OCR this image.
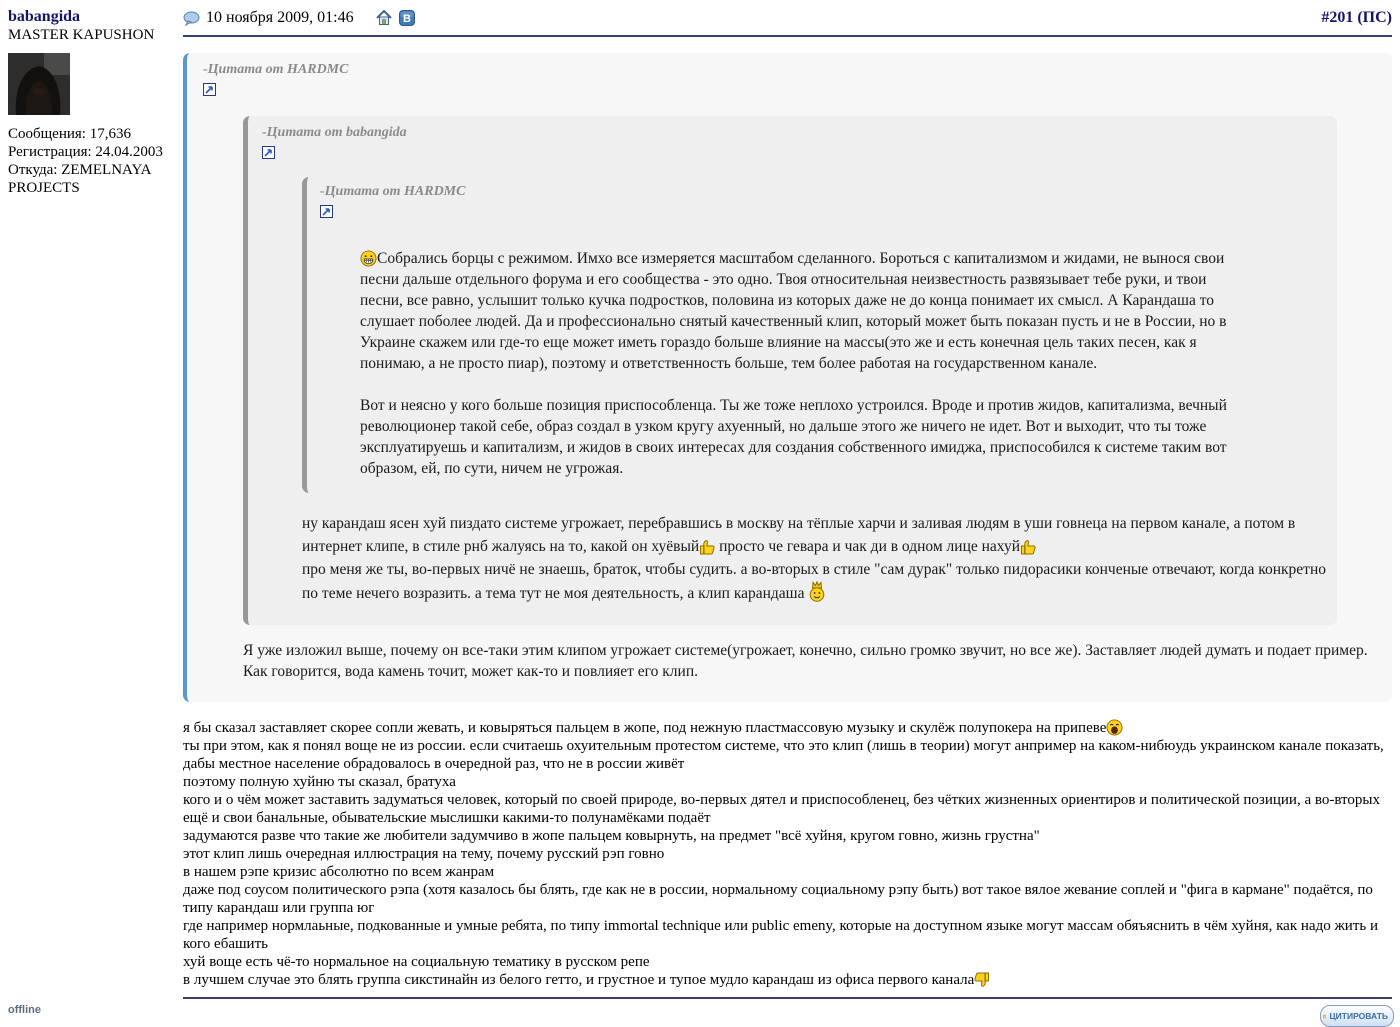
babangida
MASTER KAPUSHON
Сообщения: 17,636
Регистрация: 24.04.2003
Откуда: ZEMELNAYA PROJECTS
offline
10 ноября 2009, 01:46	B	#201 (ПС)
-Цитата от HARDMC
-Цитата от babangida
-Цитата от HARDMC

Собрались борцы с режимом. Имхо все измеряется масштабом сделанного. Бороться с капитализмом и жидами, не вынося свои песни дальше отдельного форума и его сообщества - это одно. Твоя относительная неизвестность развязывает тебе руки, и твои песни, все равно, услышит только кучка подростков, половина из которых даже не до конца понимает их смысл. А Карандаша то слушает поболее людей. Да и профессионально снятый качественный клип, который может быть показан пусть и не в России, но в Украине скажем или где-то еще может иметь гораздо больше влияние на массы(это же и есть конечная цель таких песен, как я понимаю, а не просто пиар), поэтому и ответственность больше, тем более работая на государственном канале.

Вот и неясно у кого больше позиция приспособленца. Ты же тоже неплохо устроился. Вроде и против жидов, капитализма, вечный революционер такой себе, образ создал в узком кругу ахуенный, но дальше этого же ничего не идет. Вот и выходит, что ты тоже эксплуатируешь и капитализм, и жидов в своих интересах для создания собственного имиджа, приспособился к системе таким вот образом, ей, по сути, ничем не угрожая.

ну карандаш ясен хуй пиздато системе угрожает, перебравшись в москву на тёплые харчи и заливая людям в уши говнеца на первом канале, а потом в интернет клипе, в стиле рнб жалуясь на то, какой он хуёвый просто че гевара и чак ди в одном лице нахуй
про меня же ты, во-первых ничё не знаешь, браток, чтобы судить. а во-вторых в стиле "сам дурак" только пидорасики конченые отвечают, когда конкретно по теме нечего возразить. а тема тут не моя деятельность, а клип карандаша

Я уже изложил выше, почему он все-таки этим клипом угрожает системе(угрожает, конечно, сильно громко звучит, но все же). Заставляет людей думать и подает пример. Как говорится, вода камень точит, может как-то и повлияет его клип.

я бы сказал заставляет скорее сопли жевать, и ковыряться пальцем в жопе, под нежную пластмассовую музыку и скулёж полупокера на припеве

ты при этом, как я понял воще не из россии. если считаешь охуительным протестом системе, что это клип (лишь в теории) могут анпример на каком-нибюудь украинском канале показать, дабы местное население обрадовалось в очередной раз, что не в россии живёт

поэтому полную хуйню ты сказал, братуха

кого и о чём может заставить задуматься человек, который по своей природе, во-первых дятел и приспособленец, без чётких жизненных ориентиров и политической позиции, а во-вторых ещё и свои банальные, обывательские мыслишки какими-то полунамёками подаёт

задумаются разве что такие же любители задумчиво в жопе пальцем ковырнуть, на предмет "всё хуйня, кругом говно, жизнь грустна"

этот клип лишь очередная иллюстрация на тему, почему русский рэп говно

в нашем рэпе кризис абсолютно по всем жанрам

даже под соусом политического рэпа (хотя казалось бы блять, где как не в россии, нормальному социальному рэпу быть) вот такое вялое жевание соплей и "фига в кармане" подаётся, по типу карандаш или группа юг

где например нормлаьные, подкованные и умные ребята, по типу immortal technique или public emeny, которые на доступном языке могут массам обяъяснить в чём хуйня, как надо жить и кого ебашить

хуй воще есть чё-то нормальное на социальную тематику в русском репе

в лучшем случае это блять группа сикстинайн из белого гетто, и грустное и тупое мудло карандаш из офиса первого канала

ЦИТИРОВАТЬ
